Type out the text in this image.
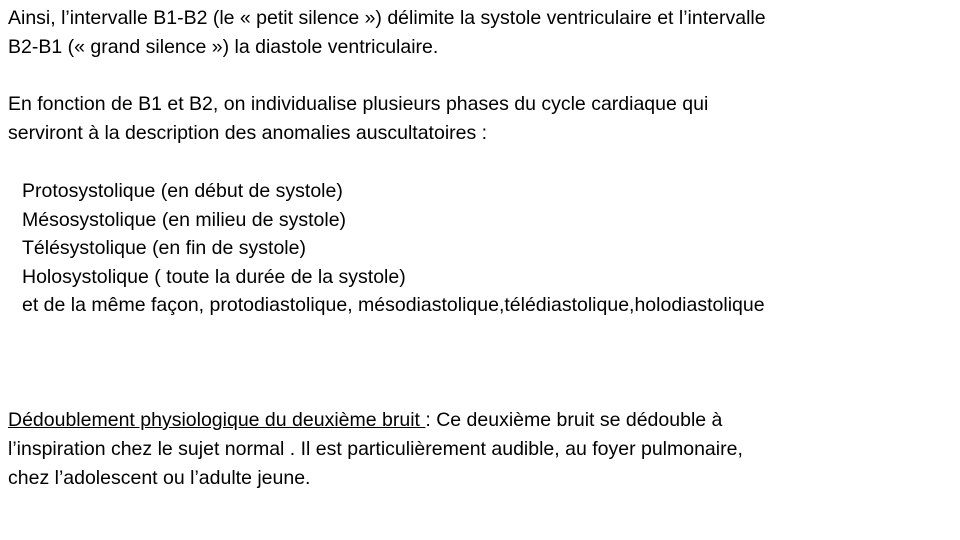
Ainsi, l’intervalle B1-B2 (le « petit silence ») délimite la systole ventriculaire et l’intervalle
B2-B1 (« grand silence ») la diastole ventriculaire.
En fonction de B1 et B2, on individualise plusieurs phases du cycle cardiaque qui
serviront à la description des anomalies auscultatoires :
Protosystolique (en début de systole)
Mésosystolique (en milieu de systole)
Télésystolique (en fin de systole)
Holosystolique ( toute la durée de la systole)
et de la même façon, protodiastolique, mésodiastolique,télédiastolique,holodiastolique
Dédoublement physiologique du deuxième bruit : Ce deuxième bruit se dédouble à
l’inspiration chez le sujet normal . Il est particulièrement audible, au foyer pulmonaire,
chez l’adolescent ou l’adulte jeune.
